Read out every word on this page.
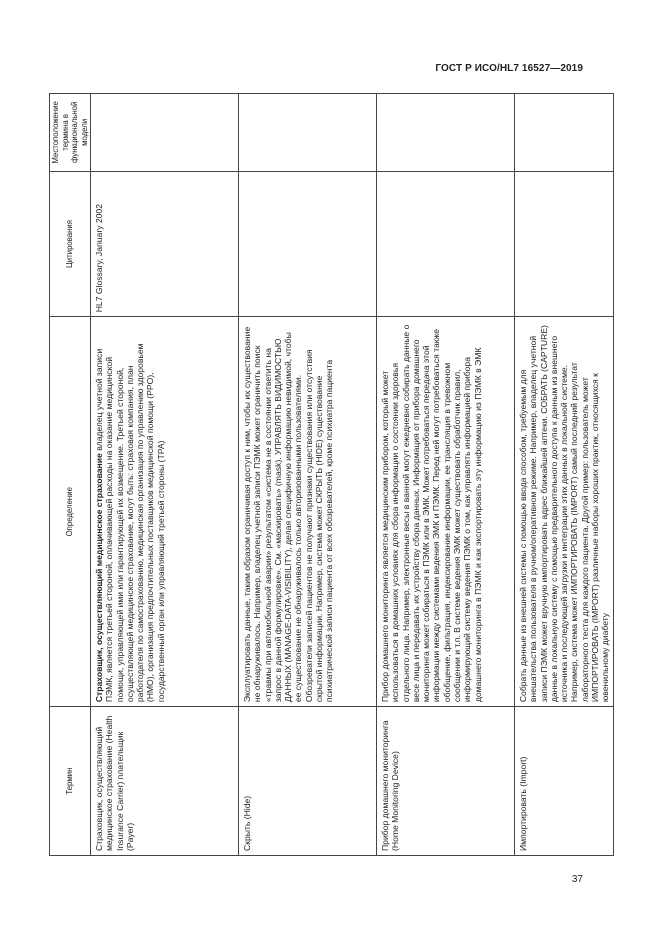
ГОСТ Р ИСО/HL7 16527—2019
Термин	Определение	Цитирования	Местоположение термина в функциональной модели
Страховщик, осуществляющий медицинское страхование (Health Insurance Carrier) плательщик (Payer)	Страховщик, осуществляющий медицинское страхование владелец учетной записи ПЭМК, является третьей стороной, оплачивающей расходы на оказание медицинской помощи, управляющей ими или гарантирующей их возмещение. Третьей стороной, осуществляющей медицинское страхование, могут быть: страховая компания, план работодателя по самострахованию, медицинская организация по управлению здоровьем (HMO), организация предпочтительных поставщиков медицинской помощи (PPO), государственный орган или управляющий третьей стороны (TPA)	HL7 Glossary, January 2002	
Скрыть (Hide)	Эксплуатировать данные, таким образом ограничивая доступ к ним, чтобы их существование не обнаруживалось. Например, владелец учетной записи ПЭМК может ограничить поиск «травмы при автомобильной аварии» результатом «система не в состоянии ответить на запрос в данной формулировке». См. «маскировать» (mask). УПРАВЛЯТЬ ВИДИМОСТЬЮ ДАННЫХ (MANAGE-DATA-VISIBILITY), делая специфичную информацию невидимой, чтобы ее существование не обнаруживалось только авторизованными пользователями. Обозреватели записей пациентов не получают признаки существования или отсутствия скрытой информации. Например, система может СКРЫТЬ (HIDE) существование психиатрической записи пациента от всех обозревателей, кроме психиатра пациента		
Прибор домашнего мониторинга (Home Monitoring Device)	Прибор домашнего мониторинга является медицинским прибором, который может использоваться в домашних условиях для сбора информации о состоянии здоровья отдельного лица. Например, электронные весы в ванной могут ежедневно собирать данные о весе лица и передавать их устройству сбора данных. Информация от прибора домашнего мониторинга может собираться в ПЭМК или в ЭМК. Может потребоваться передача этой информации между системами ведения ЭМК и ПЭМК. Перед ней могут потребоваться также обобщение, фильтрация, индексирование информации, ее трансляция в тревожном сообщении и т.п. В системе ведения ЭМК может существовать обработчик правил, информирующий систему ведения ПЭМК о том, как управлять информацией прибора домашнего мониторинга в ПЭМК и как экспортировать эту информацию из ПЭМК в ЭМК		
Импортировать (Import)	Собрать данные из внешней системы с помощью ввода способом, требуемым для внешательства пользователя в ручном/оперативном режиме. Например, владелец учетной записи ПЭМК может вручную импортировать адрес ближайшей аптеки. СОБРАТЬ (CAPTURE) данные в локальную систему с помощью предварительного доступа к данным из внешнего источника и последующей загрузки и интеграции этих данных в локальной системе. Например, система может ИМПОРТИРОВАТЬ (IMPORT) самый последний результат лабораторного теста для каждого пациента. Другой пример: пользователь может ИМПОРТИРОВАТЬ (IMPORT) различные наборы хороших практик, относящихся к ювенильному диабету		
37
